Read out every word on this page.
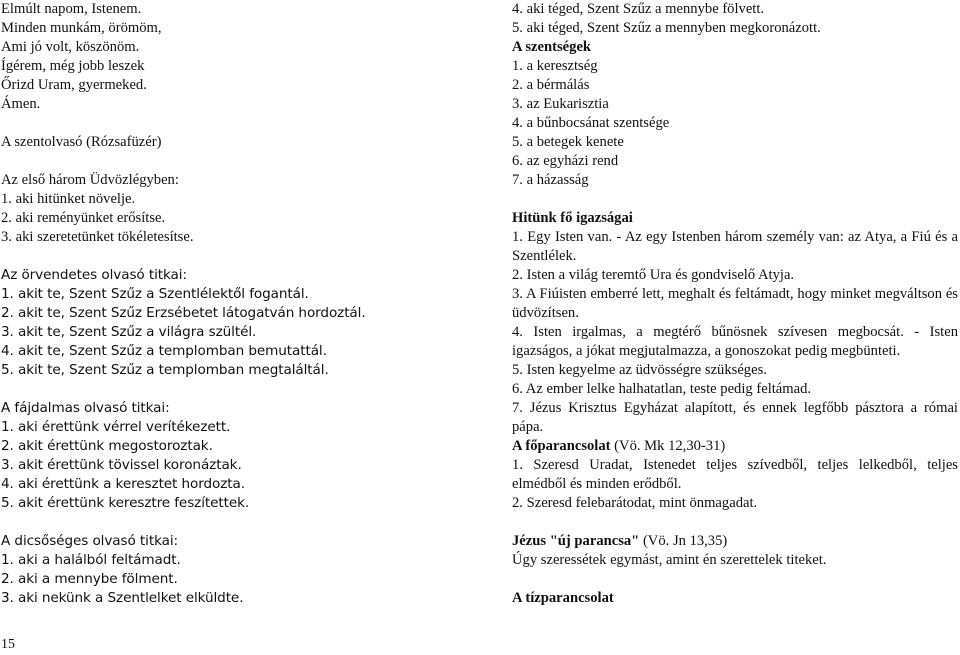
Elmúlt napom, Istenem.
Minden munkám, örömöm,
Ami jó volt, köszönöm.
Ígérem, még jobb leszek
Őrizd Uram, gyermeked.
Ámen.
A szentolvasó (Rózsafüzér)
Az első három Üdvözlégyben:
1. aki hitünket növelje.
2. aki reményünket erősítse.
3. aki szeretetünket tökéletesítse.
Az örvendetes olvasó titkai:
1. akit te, Szent Szűz a Szentlélektől fogantál.
2. akit te, Szent Szűz Erzsébetet látogatván hordoztál.
3. akit te, Szent Szűz a világra szültél.
4. akit te, Szent Szűz a templomban bemutattál.
5. akit te, Szent Szűz a templomban megtaláltál.
A fájdalmas olvasó titkai:
1. aki érettünk vérrel verítékezett.
2. akit érettünk megostoroztak.
3. akit érettünk tövissel koronáztak.
4. aki érettünk a keresztet hordozta.
5. akit érettünk keresztre feszítettek.
A dicsőséges olvasó titkai:
1. aki a halálból feltámadt.
2. aki a mennybe fölment.
3. aki nekünk a Szentlelket elküldte.
4. aki téged, Szent Szűz a mennybe fölvett.
5. aki téged, Szent Szűz a mennyben megkoronázott.
A szentségek
1. a keresztség
2. a bérmálás
3. az Eukarisztia
4. a bűnbocsánat szentsége
5. a betegek kenete
6. az egyházi rend
7. a házasság
Hitünk fő igazságai
1. Egy Isten van. - Az egy Istenben három személy van: az Atya, a Fiú és a Szentlélek.
2. Isten a világ teremtő Ura és gondviselő Atyja.
3. A Fiúisten emberré lett, meghalt és feltámadt, hogy minket megváltson és üdvözítsen.
4. Isten irgalmas, a megtérő bűnösnek szívesen megbocsát. - Isten igazságos, a jókat megjutalmazza, a gonoszokat pedig megbünteti.
5. Isten kegyelme az üdvösségre szükséges.
6. Az ember lelke halhatatlan, teste pedig feltámad.
7. Jézus Krisztus Egyházat alapított, és ennek legfőbb pásztora a római pápa.
A főparancsolat (Vö. Mk 12,30-31)
1. Szeresd Uradat, Istenedet teljes szívedből, teljes lelkedből, teljes elmédből és minden erődből.
2. Szeresd felebarátodat, mint önmagadat.
Jézus "új parancsa" (Vö. Jn 13,35)
Úgy szeressétek egymást, amint én szerettelek titeket.
A tízparancsolat
15
